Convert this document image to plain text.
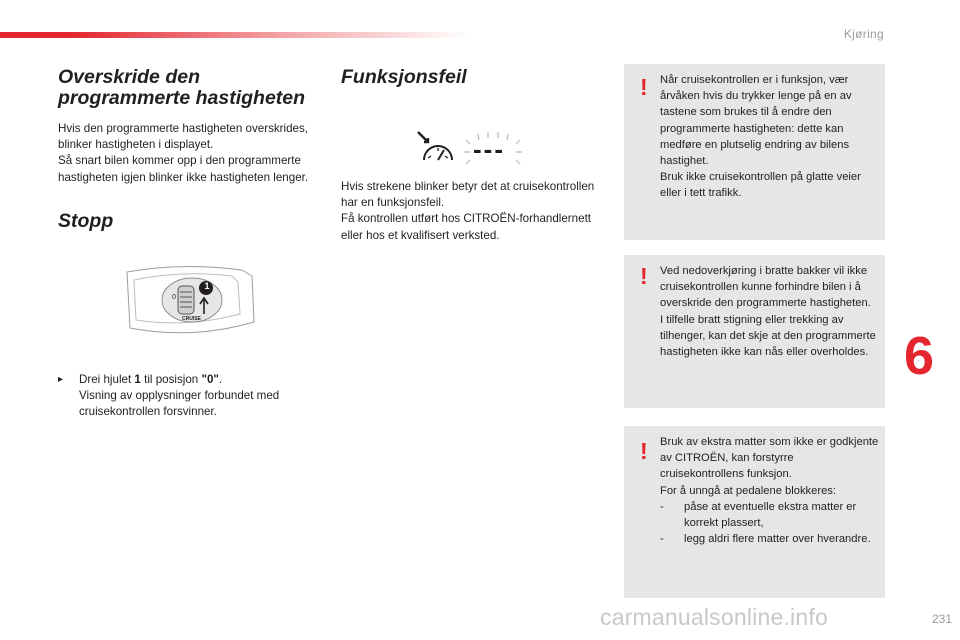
Kjøring
Overskride den programmerte hastigheten

Hvis den programmerte hastigheten overskrides, blinker hastigheten i displayet.

Så snart bilen kommer opp i den programmerte hastigheten igjen blinker ikke hastigheten lenger.

Stopp
1
0
CRUISE
▸ Drei hjulet 1 til posisjon "0".

Visning av opplysninger forbundet med cruisekontrollen forsvinner.

Funksjonsfeil
---

Hvis strekene blinker betyr det at cruisekontrollen har en funksjonsfeil.

Få kontrollen utført hos CITROËN-forhandlernett eller hos et kvalifisert verksted.

! Når cruisekontrollen er i funksjon, vær årvåken hvis du trykker lenge på en av tastene som brukes til å endre den programmerte hastigheten: dette kan medføre en plutselig endring av bilens hastighet.

Bruk ikke cruisekontrollen på glatte veier eller i tett trafikk.

! Ved nedoverkjøring i bratte bakker vil ikke cruisekontrollen kunne forhindre bilen i å overskride den programmerte hastigheten.

I tilfelle bratt stigning eller trekking av tilhenger, kan det skje at den programmerte hastigheten ikke kan nås eller overholdes.

! Bruk av ekstra matter som ikke er godkjente av CITROËN, kan forstyrre cruisekontrollens funksjon.

For å unngå at pedalene blokkeres:

- påse at eventuelle ekstra matter er korrekt plassert,
- legg aldri flere matter over hverandre.
6
231
carmanualsonline.info
